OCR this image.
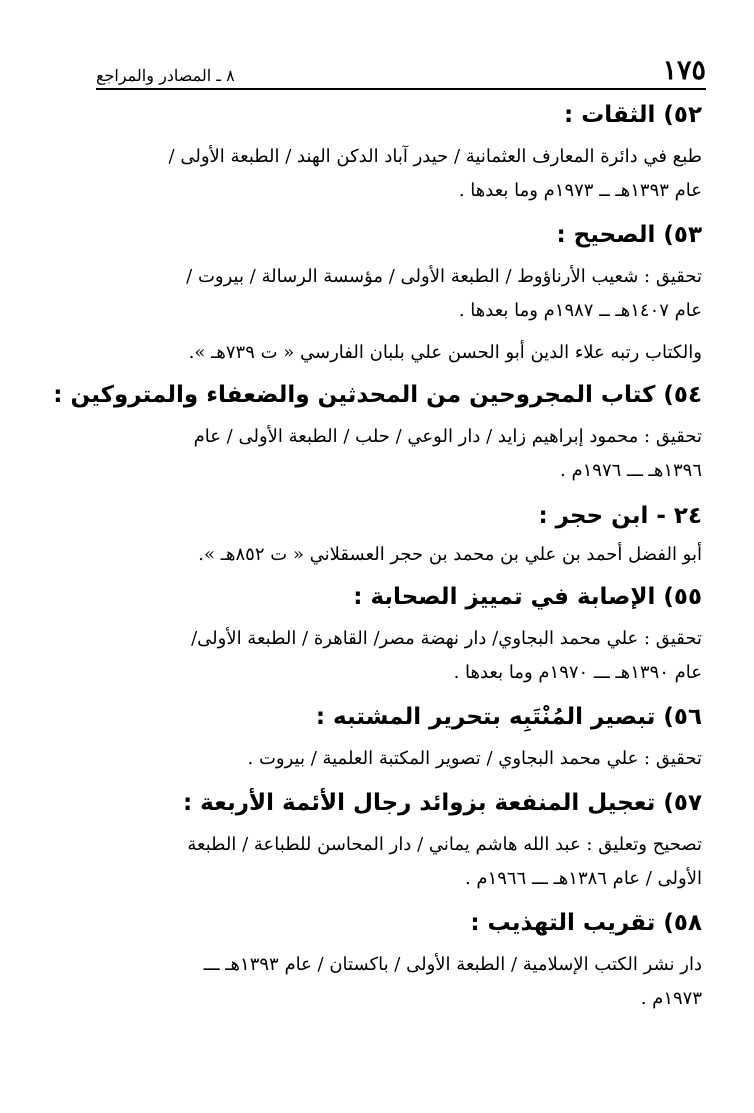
١٧٥
٨ ـ المصادر والمراجع
٥٢) الثقات :

طبع في دائرة المعارف العثمانية / حيدر آباد الدكن الهند / الطبعة الأولى /
عام ١٣٩٣هـ ــ ١٩٧٣م وما بعدها .

٥٣) الصحيح :

تحقيق : شعيب الأرناؤوط / الطبعة الأولى / مؤسسة الرسالة / بيروت /
عام ١٤٠٧هـ ــ ١٩٨٧م وما بعدها .

والكتاب رتبه علاء الدين أبو الحسن علي بلبان الفارسي « ت ٧٣٩هـ ».

٥٤) كتاب المجروحين من المحدثين والضعفاء والمتروكين :

تحقيق : محمود إبراهيم زايد / دار الوعي / حلب / الطبعة الأولى / عام
١٣٩٦هـ ـــ ١٩٧٦م .

٢٤ - ابن حجر :

أبو الفضل أحمد بن علي بن محمد بن حجر العسقلاني « ت ٨٥٢هـ ».

٥٥) الإصابة في تمييز الصحابة :

تحقيق : علي محمد البجاوي/ دار نهضة مصر/ القاهرة / الطبعة الأولى/
عام ١٣٩٠هـ ـــ ١٩٧٠م وما بعدها .

٥٦) تبصير المُنْتَبِه بتحرير المشتبه :

تحقيق : علي محمد البجاوي / تصوير المكتبة العلمية / بيروت .

٥٧) تعجيل المنفعة بزوائد رجال الأئمة الأربعة :

تصحيح وتعليق : عبد الله هاشم يماني / دار المحاسن للطباعة / الطبعة
الأولى / عام ١٣٨٦هـ ـــ ١٩٦٦م .

٥٨) تقريب التهذيب :

دار نشر الكتب الإسلامية / الطبعة الأولى / باكستان / عام ١٣٩٣هـ ـــ
١٩٧٣م .
